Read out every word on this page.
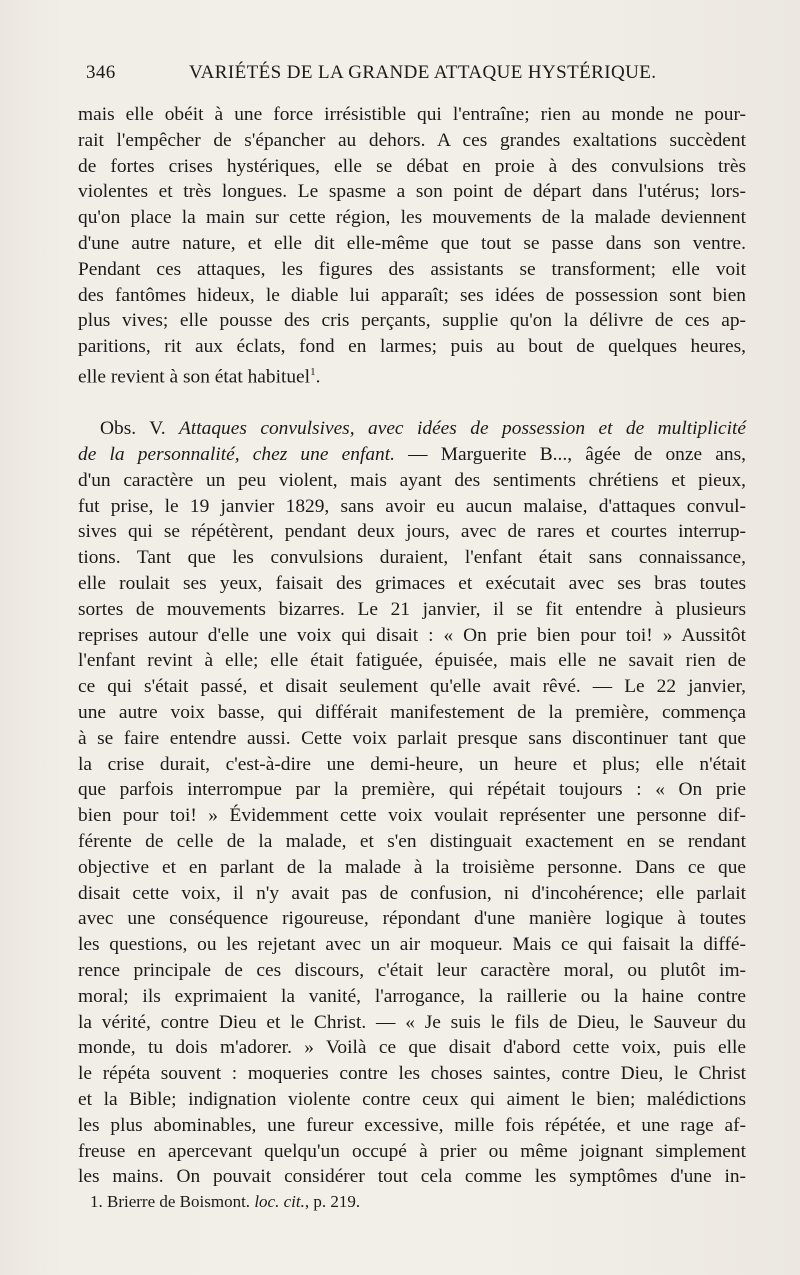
346	VARIÉTÉS DE LA GRANDE ATTAQUE HYSTÉRIQUE.
mais elle obéit à une force irrésistible qui l'entraîne; rien au monde ne pour-
rait l'empêcher de s'épancher au dehors. A ces grandes exaltations succèdent
de fortes crises hystériques, elle se débat en proie à des convulsions très
violentes et très longues. Le spasme a son point de départ dans l'utérus; lors-
qu'on place la main sur cette région, les mouvements de la malade deviennent
d'une autre nature, et elle dit elle-même que tout se passe dans son ventre.
Pendant ces attaques, les figures des assistants se transforment; elle voit
des fantômes hideux, le diable lui apparaît; ses idées de possession sont bien
plus vives; elle pousse des cris perçants, supplie qu'on la délivre de ces ap-
paritions, rit aux éclats, fond en larmes; puis au bout de quelques heures,
elle revient à son état habituel$^1$.
Obs. V. Attaques convulsives, avec idées de possession et de multiplicité
de la personnalité, chez une enfant. — Marguerite B..., âgée de onze ans,
d'un caractère un peu violent, mais ayant des sentiments chrétiens et pieux,
fut prise, le 19 janvier 1829, sans avoir eu aucun malaise, d'attaques convul-
sives qui se répétèrent, pendant deux jours, avec de rares et courtes interrup-
tions. Tant que les convulsions duraient, l'enfant était sans connaissance,
elle roulait ses yeux, faisait des grimaces et exécutait avec ses bras toutes
sortes de mouvements bizarres. Le 21 janvier, il se fit entendre à plusieurs
reprises autour d'elle une voix qui disait : « On prie bien pour toi! » Aussitôt
l'enfant revint à elle; elle était fatiguée, épuisée, mais elle ne savait rien de
ce qui s'était passé, et disait seulement qu'elle avait rêvé. — Le 22 janvier,
une autre voix basse, qui différait manifestement de la première, commença
à se faire entendre aussi. Cette voix parlait presque sans discontinuer tant que
la crise durait, c'est-à-dire une demi-heure, un heure et plus; elle n'était
que parfois interrompue par la première, qui répétait toujours : « On prie
bien pour toi! » Évidemment cette voix voulait représenter une personne dif-
férente de celle de la malade, et s'en distinguait exactement en se rendant
objective et en parlant de la malade à la troisième personne. Dans ce que
disait cette voix, il n'y avait pas de confusion, ni d'incohérence; elle parlait
avec une conséquence rigoureuse, répondant d'une manière logique à toutes
les questions, ou les rejetant avec un air moqueur. Mais ce qui faisait la diffé-
rence principale de ces discours, c'était leur caractère moral, ou plutôt im-
moral; ils exprimaient la vanité, l'arrogance, la raillerie ou la haine contre
la vérité, contre Dieu et le Christ. — « Je suis le fils de Dieu, le Sauveur du
monde, tu dois m'adorer. » Voilà ce que disait d'abord cette voix, puis elle
le répéta souvent : moqueries contre les choses saintes, contre Dieu, le Christ
et la Bible; indignation violente contre ceux qui aiment le bien; malédictions
les plus abominables, une fureur excessive, mille fois répétée, et une rage af-
freuse en apercevant quelqu'un occupé à prier ou même joignant simplement
les mains. On pouvait considérer tout cela comme les symptômes d'une in-
1. Brierre de Boismont. loc. cit., p. 219.
